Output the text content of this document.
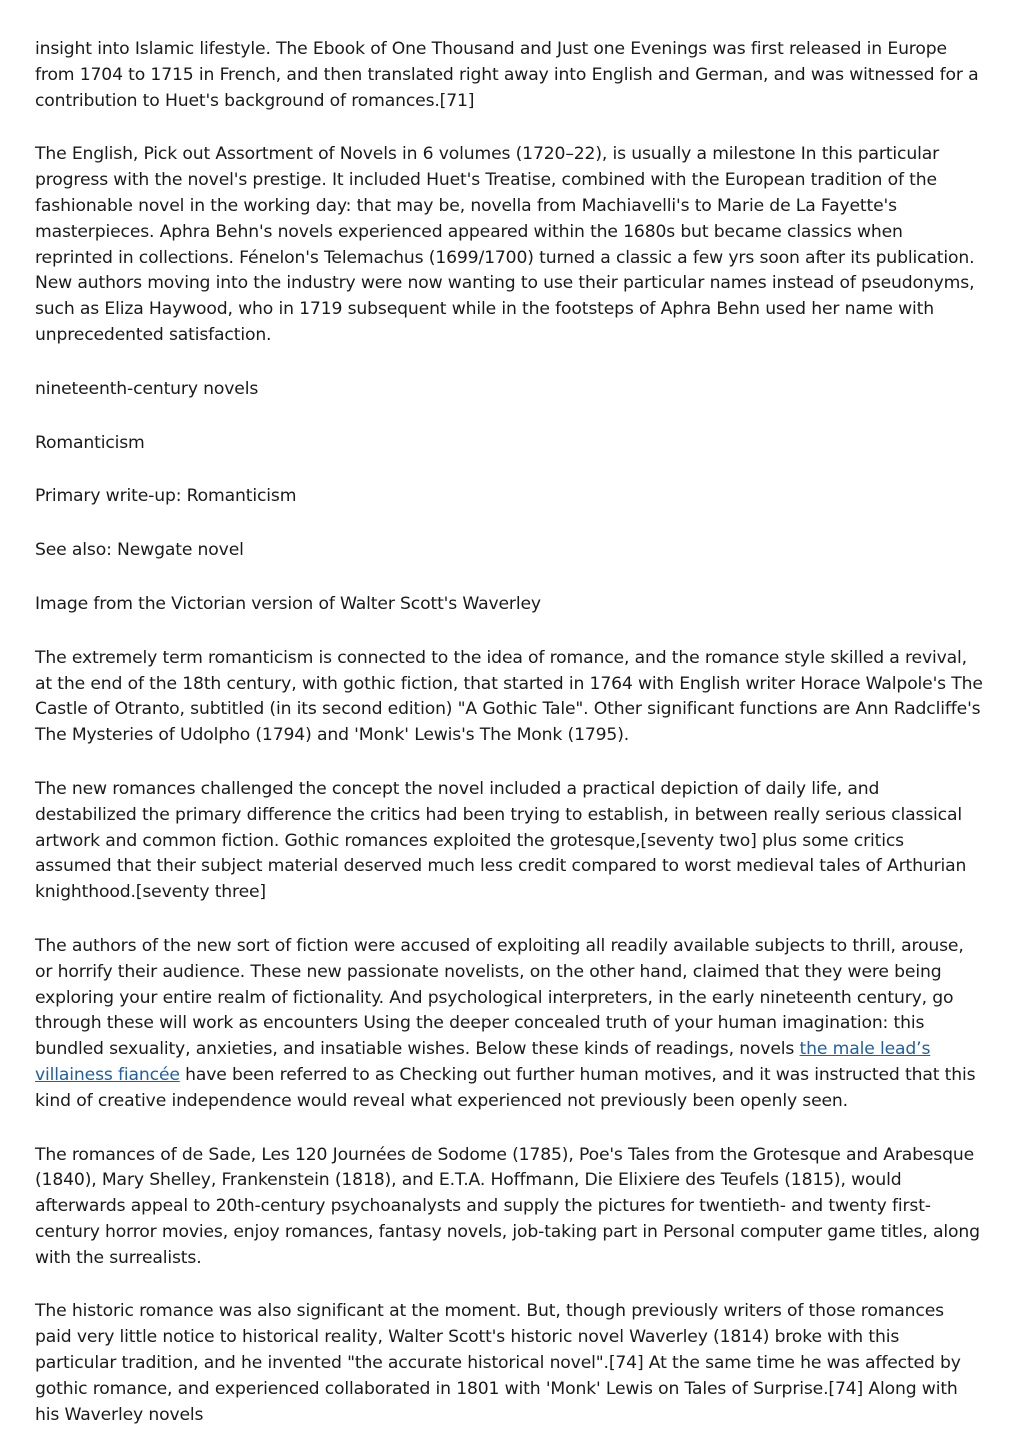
insight into Islamic lifestyle. The Ebook of One Thousand and Just one Evenings was first released in Europe from 1704 to 1715 in French, and then translated right away into English and German, and was witnessed for a contribution to Huet's background of romances.[71]

The English, Pick out Assortment of Novels in 6 volumes (1720–22), is usually a milestone In this particular progress with the novel's prestige. It included Huet's Treatise, combined with the European tradition of the fashionable novel in the working day: that may be, novella from Machiavelli's to Marie de La Fayette's masterpieces. Aphra Behn's novels experienced appeared within the 1680s but became classics when reprinted in collections. Fénelon's Telemachus (1699/1700) turned a classic a few yrs soon after its publication. New authors moving into the industry were now wanting to use their particular names instead of pseudonyms, such as Eliza Haywood, who in 1719 subsequent while in the footsteps of Aphra Behn used her name with unprecedented satisfaction.

nineteenth-century novels

Romanticism

Primary write-up: Romanticism

See also: Newgate novel

Image from the Victorian version of Walter Scott's Waverley

The extremely term romanticism is connected to the idea of romance, and the romance style skilled a revival, at the end of the 18th century, with gothic fiction, that started in 1764 with English writer Horace Walpole's The Castle of Otranto, subtitled (in its second edition) "A Gothic Tale". Other significant functions are Ann Radcliffe's The Mysteries of Udolpho (1794) and 'Monk' Lewis's The Monk (1795).

The new romances challenged the concept the novel included a practical depiction of daily life, and destabilized the primary difference the critics had been trying to establish, in between really serious classical artwork and common fiction. Gothic romances exploited the grotesque,[seventy two] plus some critics assumed that their subject material deserved much less credit compared to worst medieval tales of Arthurian knighthood.[seventy three]

The authors of the new sort of fiction were accused of exploiting all readily available subjects to thrill, arouse, or horrify their audience. These new passionate novelists, on the other hand, claimed that they were being exploring your entire realm of fictionality. And psychological interpreters, in the early nineteenth century, go through these will work as encounters Using the deeper concealed truth of your human imagination: this bundled sexuality, anxieties, and insatiable wishes. Below these kinds of readings, novels the male lead’s villainess fiancée have been referred to as Checking out further human motives, and it was instructed that this kind of creative independence would reveal what experienced not previously been openly seen.

The romances of de Sade, Les 120 Journées de Sodome (1785), Poe's Tales from the Grotesque and Arabesque (1840), Mary Shelley, Frankenstein (1818), and E.T.A. Hoffmann, Die Elixiere des Teufels (1815), would afterwards appeal to 20th-century psychoanalysts and supply the pictures for twentieth- and twenty first-century horror movies, enjoy romances, fantasy novels, job-taking part in Personal computer game titles, along with the surrealists.

The historic romance was also significant at the moment. But, though previously writers of those romances paid very little notice to historical reality, Walter Scott's historic novel Waverley (1814) broke with this particular tradition, and he invented "the accurate historical novel".[74] At the same time he was affected by gothic romance, and experienced collaborated in 1801 with 'Monk' Lewis on Tales of Surprise.[74] Along with his Waverley novels
